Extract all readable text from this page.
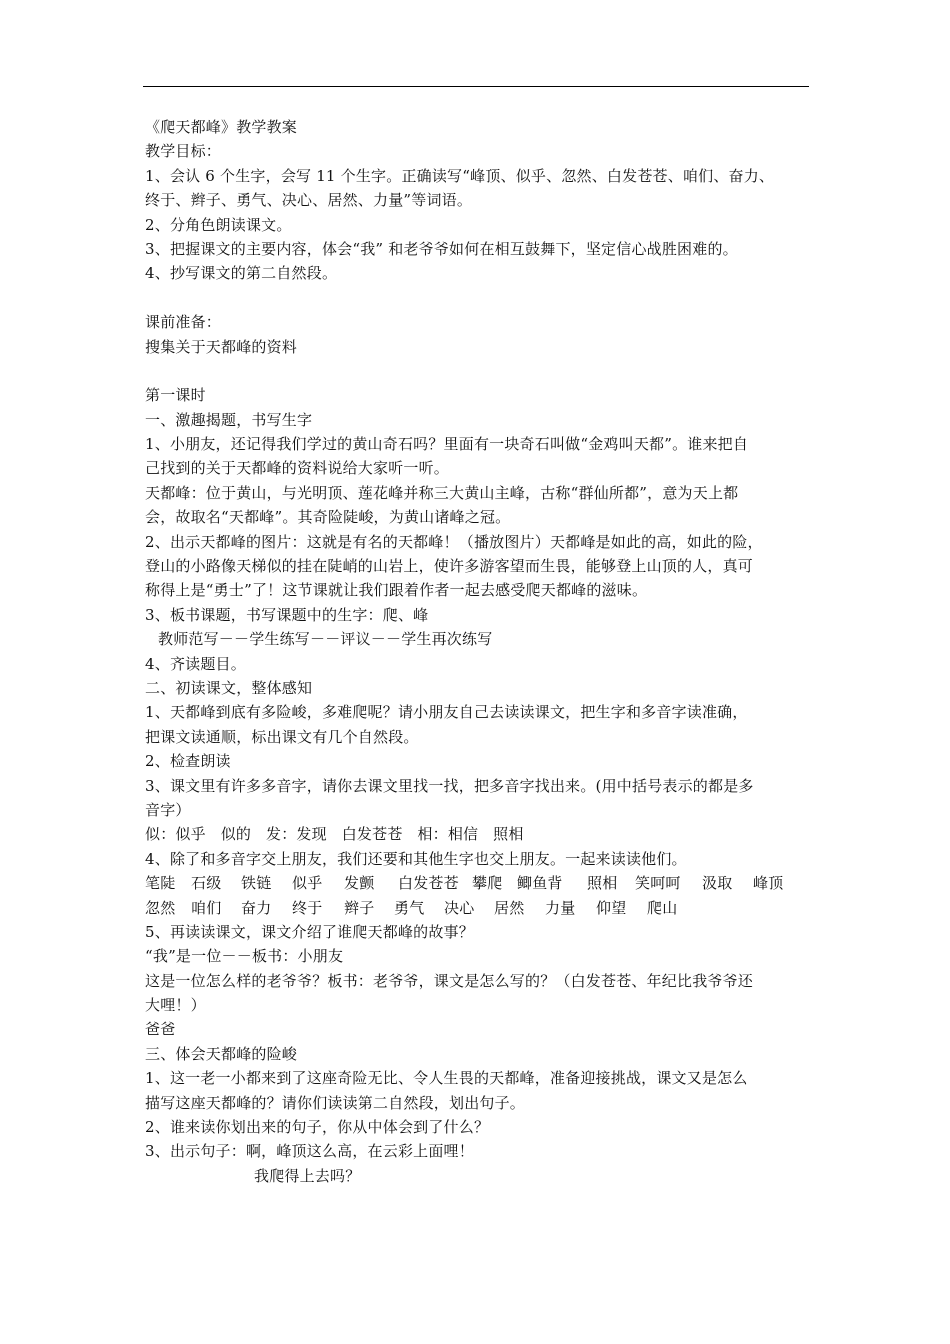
《爬天都峰》教学教案
教学目标：
1、会认 6 个生字，会写 11 个生字。正确读写“峰顶、似乎、忽然、白发苍苍、咱们、奋力、
终于、辫子、勇气、决心、居然、力量”等词语。
2、分角色朗读课文。
3、把握课文的主要内容，体会“我” 和老爷爷如何在相互鼓舞下，坚定信心战胜困难的。
4、抄写课文的第二自然段。
课前准备：
搜集关于天都峰的资料
第一课时
一、激趣揭题，书写生字
1、小朋友，还记得我们学过的黄山奇石吗？里面有一块奇石叫做“金鸡叫天都”。谁来把自
己找到的关于天都峰的资料说给大家听一听。
天都峰：位于黄山，与光明顶、莲花峰并称三大黄山主峰，古称“群仙所都”，意为天上都
会，故取名“天都峰”。其奇险陡峻，为黄山诸峰之冠。
2、出示天都峰的图片：这就是有名的天都峰！（播放图片）天都峰是如此的高，如此的险，
登山的小路像天梯似的挂在陡峭的山岩上，使许多游客望而生畏，能够登上山顶的人，真可
称得上是“勇士”了！这节课就让我们跟着作者一起去感受爬天都峰的滋味。
3、板书课题，书写课题中的生字：爬、峰
教师范写－－学生练写－－评议－－学生再次练写
4、齐读题目。
二、初读课文，整体感知
1、天都峰到底有多险峻，多难爬呢？请小朋友自己去读读课文，把生字和多音字读准确，
把课文读通顺，标出课文有几个自然段。
2、检查朗读
3、课文里有许多多音字，请你去课文里找一找，把多音字找出来。(用中括号表示的都是多
音字）
似：似乎   似的   发：发现   白发苍苍   相：相信   照相
4、除了和多音字交上朋友，我们还要和其他生字也交上朋友。一起来读读他们。
笔陡	石级	铁链	似乎	发颤	白发苍苍 攀爬 鲫鱼背	照相	笑呵呵	汲取	峰顶
忽然	咱们	奋力	终于	辫子	勇气	决心	居然	力量	仰望	爬山
5、再读读课文，课文介绍了谁爬天都峰的故事？
“我”是一位－－板书：小朋友
这是一位怎么样的老爷爷？板书：老爷爷，课文是怎么写的？（白发苍苍、年纪比我爷爷还
大哩！）
爸爸
三、体会天都峰的险峻
1、这一老一小都来到了这座奇险无比、令人生畏的天都峰，准备迎接挑战，课文又是怎么
描写这座天都峰的？请你们读读第二自然段，划出句子。
2、谁来读你划出来的句子，你从中体会到了什么？
3、出示句子：啊，峰顶这么高，在云彩上面哩！
我爬得上去吗？
